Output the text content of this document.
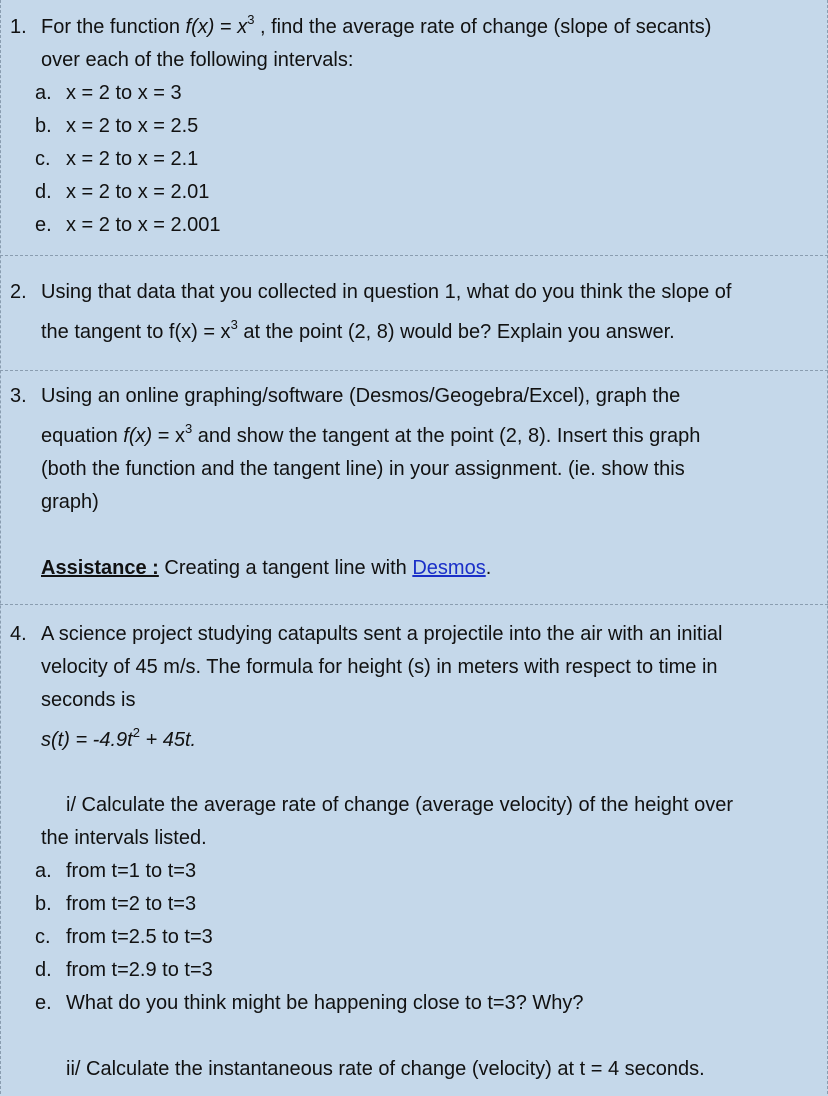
1. For the function $f(x) = x^3$ , find the average rate of change (slope of secants)
over each of the following intervals:
a. x = 2 to x = 3
b. x = 2 to x = 2.5
c. x = 2 to x = 2.1
d. x = 2 to x = 2.01
e. x = 2 to x = 2.001
2. Using that data that you collected in question 1, what do you think the slope of
the tangent to $f(x) = x^3$ at the point (2, 8) would be? Explain you answer.
3. Using an online graphing/software (Desmos/Geogebra/Excel), graph the
equation $f(x) = x^3$ and show the tangent at the point (2, 8). Insert this graph
(both the function and the tangent line) in your assignment. (ie. show this
graph)
Assistance : Creating a tangent line with Desmos.
4. A science project studying catapults sent a projectile into the air with an initial
velocity of 45 m/s. The formula for height (s) in meters with respect to time in
seconds is
$s(t) = -4.9t^2 + 45t$.
i/ Calculate the average rate of change (average velocity) of the height over
the intervals listed.
a. from t=1 to t=3
b. from t=2 to t=3
c. from t=2.5 to t=3
d. from t=2.9 to t=3
e. What do you think might be happening close to t=3? Why?
ii/ Calculate the instantaneous rate of change (velocity) at t = 4 seconds.
